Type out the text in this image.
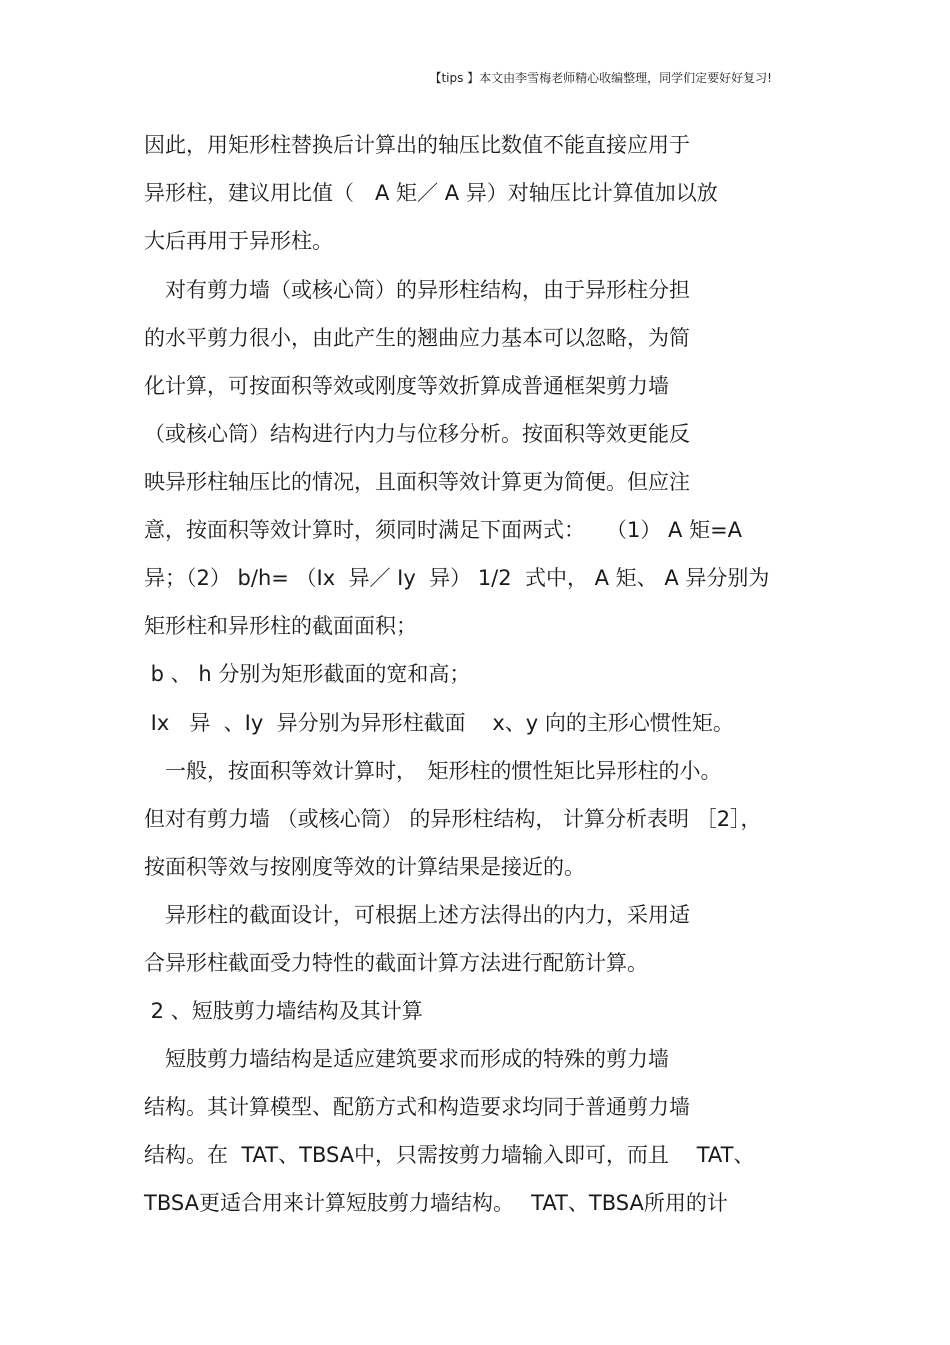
【tips 】本文由李雪梅老师精心收编整理，同学们定要好好复习!
因此，用矩形柱替换后计算出的轴压比数值不能直接应用于
异形柱，建议用比值（　A 矩／ A 异）对轴压比计算值加以放
大后再用于异形柱。
　对有剪力墙（或核心筒）的异形柱结构，由于异形柱分担
的水平剪力很小，由此产生的翘曲应力基本可以忽略，为简
化计算，可按面积等效或刚度等效折算成普通框架剪力墙
（或核心筒）结构进行内力与位移分析。按面积等效更能反
映异形柱轴压比的情况，且面积等效计算更为简便。但应注
意，按面积等效计算时，须同时满足下面两式：　　（1） A 矩=A
异；（2） b/h= （Ix  异／ Iy  异） 1/2  式中， A 矩、 A 异分别为
矩形柱和异形柱的截面面积；
b 、 h 分别为矩形截面的宽和高；
Ix   异  、Iy  异分别为异形柱截面    x、y 向的主形心惯性矩。
　一般，按面积等效计算时，　矩形柱的惯性矩比异形柱的小。
但对有剪力墙 （或核心筒） 的异形柱结构， 计算分析表明 ［2］，
按面积等效与按刚度等效的计算结果是接近的。
　异形柱的截面设计，可根据上述方法得出的内力，采用适
合异形柱截面受力特性的截面计算方法进行配筋计算。
2 、短肢剪力墙结构及其计算
　短肢剪力墙结构是适应建筑要求而形成的特殊的剪力墙
结构。其计算模型、配筋方式和构造要求均同于普通剪力墙
结构。在  TAT、TBSA中，只需按剪力墙输入即可，而且　 TAT、
TBSA更适合用来计算短肢剪力墙结构。　 TAT、TBSA所用的计
